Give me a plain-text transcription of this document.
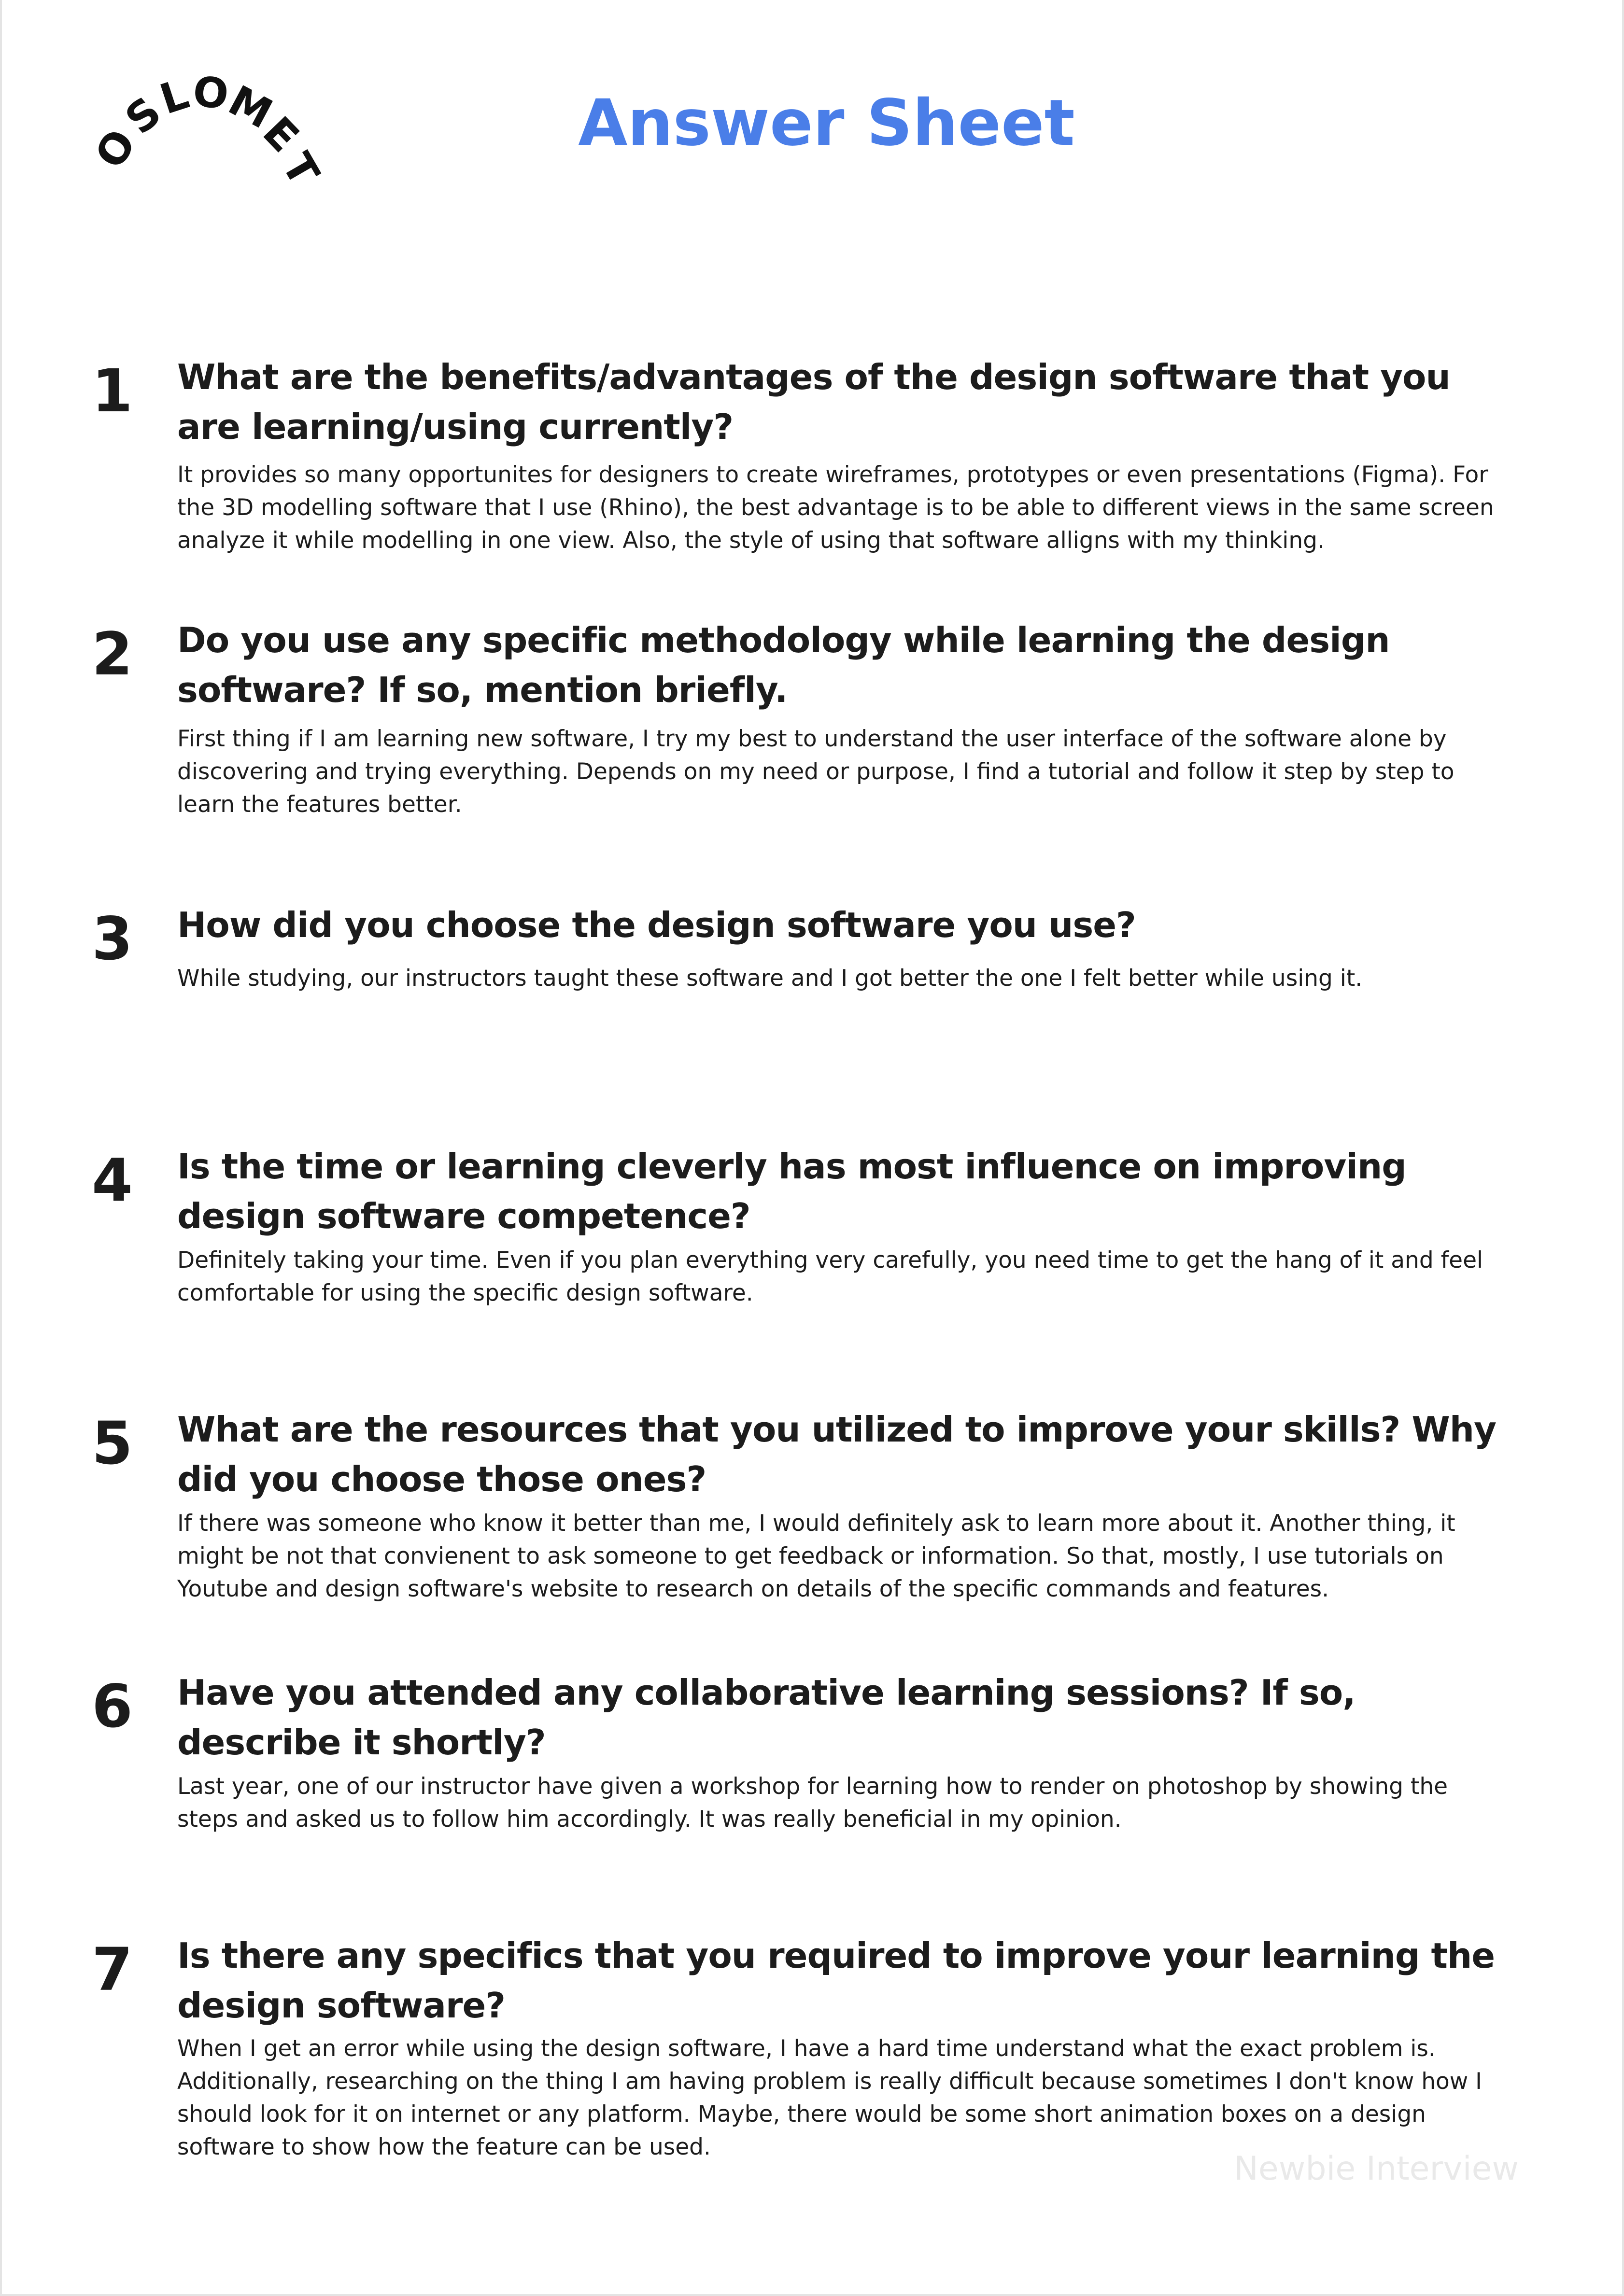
O
S
L
O
M
E
T
Answer Sheet
1 What are the benefits/advantages of the design software that you are learning/using currently?

It provides so many opportunites for designers to create wireframes, prototypes or even presentations (Figma). For the 3D modelling software that I use (Rhino), the best advantage is to be able to different views in the same screen analyze it while modelling in one view. Also, the style of using that software alligns with my thinking.

2 Do you use any specific methodology while learning the design software? If so, mention briefly.

First thing if I am learning new software, I try my best to understand the user interface of the software alone by discovering and trying everything. Depends on my need or purpose, I find a tutorial and follow it step by step to learn the features better.

3 How did you choose the design software you use?

While studying, our instructors taught these software and I got better the one I felt better while using it.

4 Is the time or learning cleverly has most influence on improving design software competence?

Definitely taking your time. Even if you plan everything very carefully, you need time to get the hang of it and feel comfortable for using the specific design software.

5 What are the resources that you utilized to improve your skills? Why did you choose those ones?

If there was someone who know it better than me, I would definitely ask to learn more about it. Another thing, it might be not that convienent to ask someone to get feedback or information. So that, mostly, I use tutorials on Youtube and design software's website to research on details of the specific commands and features.

6 Have you attended any collaborative learning sessions? If so, describe it shortly?

Last year, one of our instructor have given a workshop for learning how to render on photoshop by showing the steps and asked us to follow him accordingly. It was really beneficial in my opinion.

7 Is there any specifics that you required to improve your learning the design software?

When I get an error while using the design software, I have a hard time understand what the exact problem is. Additionally, researching on the thing I am having problem is really difficult because sometimes I don't know how I should look for it on internet or any platform. Maybe, there would be some short animation boxes on a design software to show how the feature can be used.

Newbie Interview
